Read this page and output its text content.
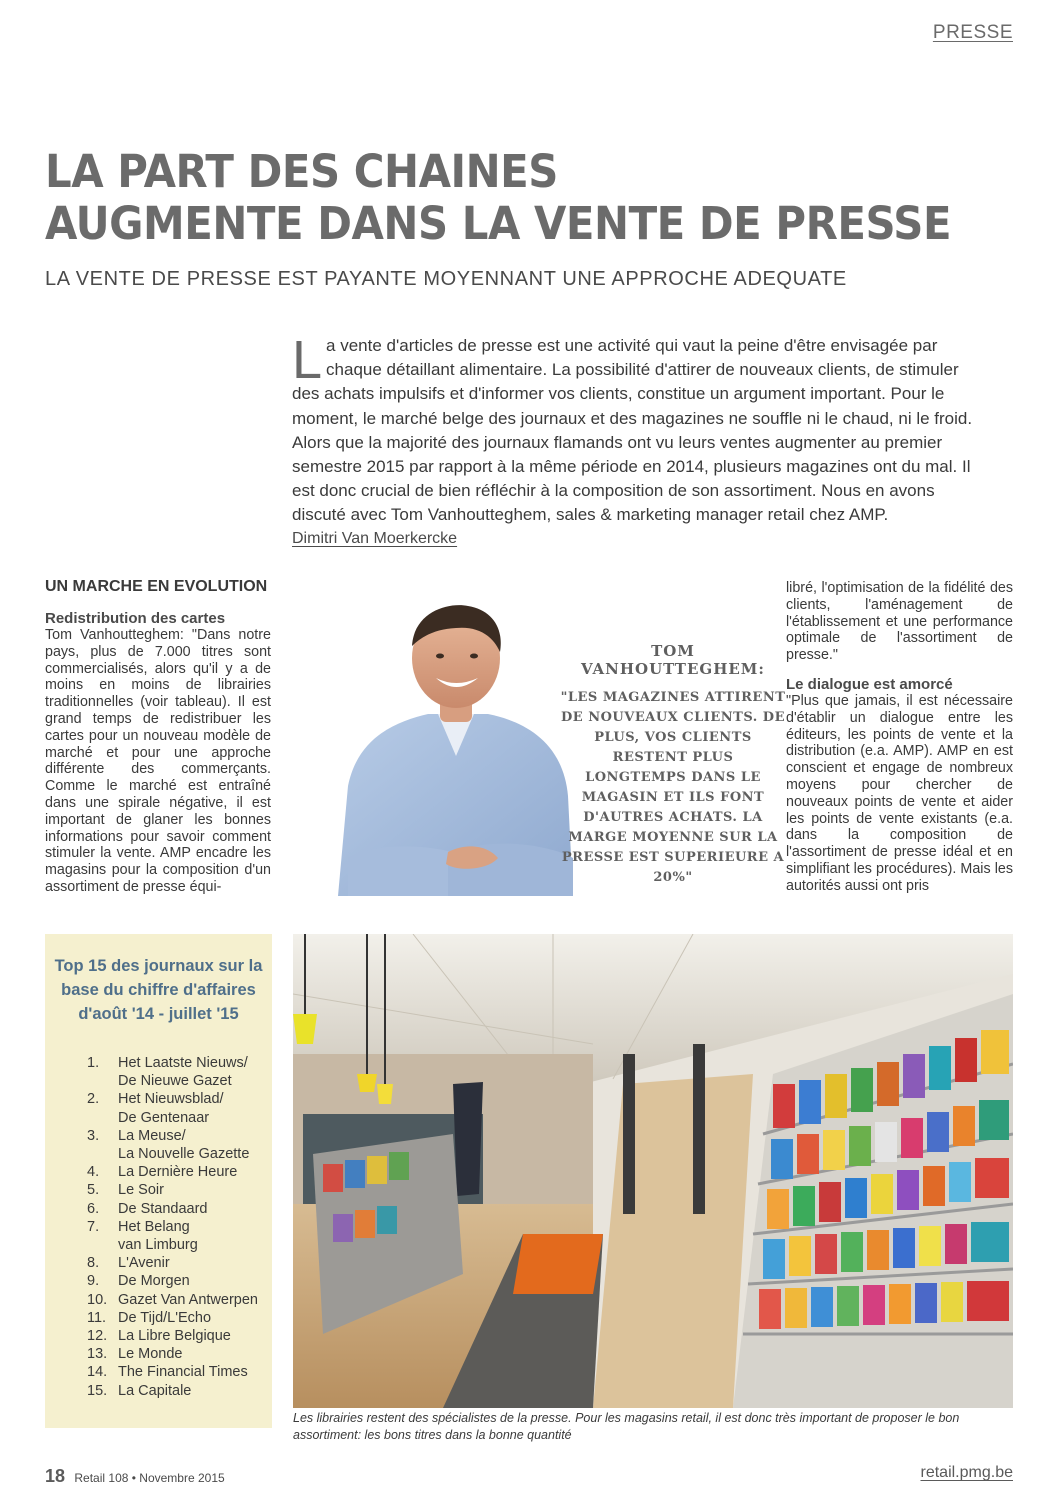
PRESSE
LA PART DES CHAINES
AUGMENTE DANS LA VENTE DE PRESSE
LA VENTE DE PRESSE EST PAYANTE MOYENNANT UNE APPROCHE ADEQUATE

La vente d'articles de presse est une activité qui vaut la peine d'être envisagée par chaque détaillant alimentaire. La possibilité d'attirer de nouveaux clients, de stimuler des achats impulsifs et d'informer vos clients, constitue un argument important. Pour le moment, le marché belge des journaux et des magazines ne souffle ni le chaud, ni le froid. Alors que la majorité des journaux flamands ont vu leurs ventes augmenter au premier semestre 2015 par rapport à la même période en 2014, plusieurs magazines ont du mal. Il est donc crucial de bien réfléchir à la composition de son assortiment. Nous en avons discuté avec Tom Vanhoutteghem, sales & marketing manager retail chez AMP.

Dimitri Van Moerkercke
UN MARCHE EN EVOLUTION
Redistribution des cartes

Tom Vanhoutteghem: "Dans notre pays, plus de 7.000 titres sont commercialisés, alors qu'il y a de moins en moins de librairies traditionnelles (voir tableau). Il est grand temps de redistribuer les cartes pour un nouveau modèle de marché et pour une approche différente des commerçants. Comme le marché est entraîné dans une spirale négative, il est important de glaner les bonnes informations pour savoir comment stimuler la vente. AMP encadre les magasins pour la composition d'un assortiment de presse équi-

TOM VANHOUTTEGHEM:
"LES MAGAZINES ATTIRENT DE NOUVEAUX CLIENTS. DE PLUS, VOS CLIENTS RESTENT PLUS LONGTEMPS DANS LE MAGASIN ET ILS FONT D'AUTRES ACHATS. LA MARGE MOYENNE SUR LA PRESSE EST SUPERIEURE A 20%"

libré, l'optimisation de la fidélité des clients, l'aménagement de l'établissement et une performance optimale de l'assortiment de presse."

Le dialogue est amorcé

"Plus que jamais, il est nécessaire d'établir un dialogue entre les éditeurs, les points de vente et la distribution (e.a. AMP). AMP en est conscient et engage de nombreux moyens pour chercher de nouveaux points de vente et aider les points de vente existants (e.a. dans la composition de l'assortiment de presse idéal et en simplifiant les procédures). Mais les autorités aussi ont pris

Top 15 des journaux sur la base du chiffre d'affaires d'août '14 - juillet '15
1.	Het Laatste Nieuws/
De Nieuwe Gazet
2.	Het Nieuwsblad/
De Gentenaar
3.	La Meuse/
La Nouvelle Gazette
4.	La Dernière Heure
5.	Le Soir
6.	De Standaard
7.	Het Belang
van Limburg
8.	L'Avenir
9.	De Morgen
10. Gazet Van Antwerpen
11. De Tijd/L'Echo
12. La Libre Belgique
13. Le Monde
14. The Financial Times
15. La Capitale
Les librairies restent des spécialistes de la presse. Pour les magasins retail, il est donc très important de proposer le bon assortiment: les bons titres dans la bonne quantité
18 Retail 108 • Novembre 2015	retail.pmg.be
